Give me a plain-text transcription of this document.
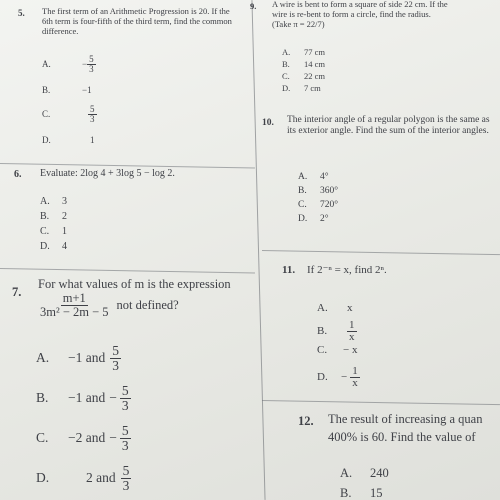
5. The first term of an Arithmetic Progression is 20. If the 6th term is four-fifth of the third term, find the common difference.
A.	− $\frac{5}{3}$
B.	−1
C.	$\frac{5}{3}$
D.	1
6. Evaluate: 2log 4 + 3log 5 − log 2.
A.	3
B.	2
C.	1
D.	4
7.
For what values of m is the expression
$\frac{m+1}{\text{3m² − 2m − 5}}$ not defined?
A.	−1 and $\frac{5}{3}$
B.	−1 and − $\frac{5}{3}$
C.	−2 and − $\frac{5}{3}$
D.	2 and $\frac{5}{3}$
9. A wire is bent to form a square of side 22 cm. If the wire is re-bent to form a circle, find the radius. (Take π = 22/7)
A.	77 cm
B.	14 cm
C.	22 cm
D.	7 cm
10. The interior angle of a regular polygon is the same as its exterior angle. Find the sum of the interior angles.
A.	4°
B.	360°
C.	720°
D.	2°
11. If 2⁻ⁿ = x, find 2ⁿ.
A.	x
B.	$\frac{1}{x}$
C.	− x
D.	− $\frac{1}{x}$
12. The result of increasing a quan
400% is 60. Find the value of
A.	240
B.	15
